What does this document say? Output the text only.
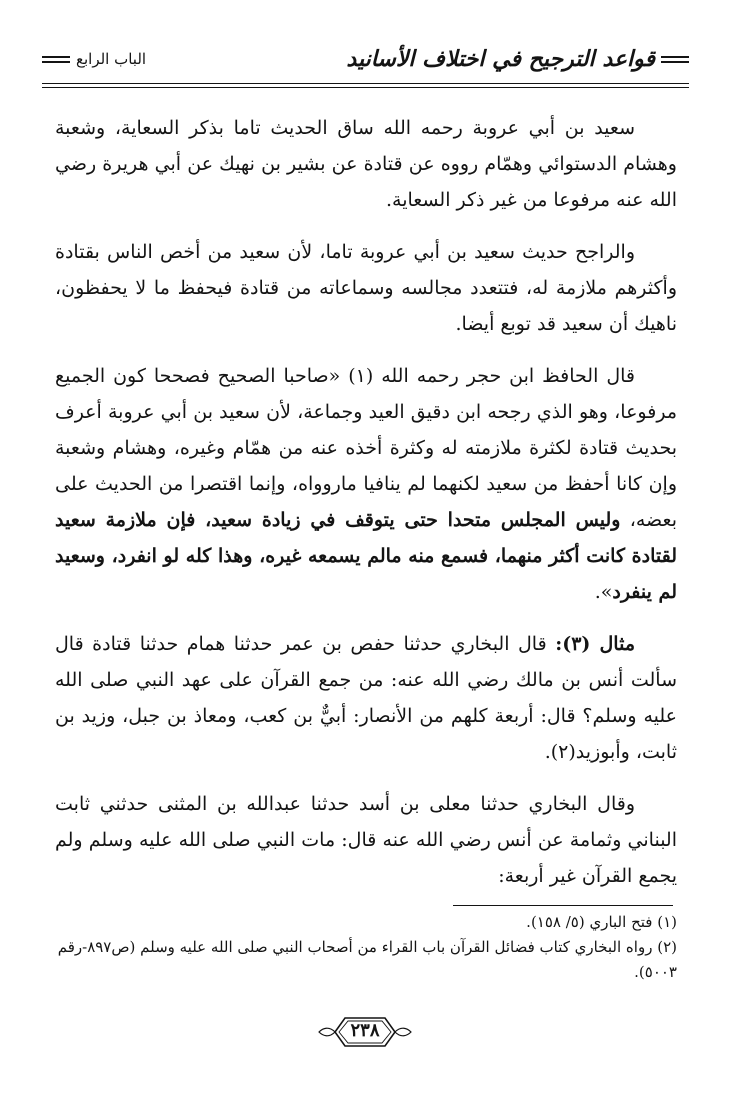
قواعد الترجيح في اختلاف الأسانيد
الباب الرابع

سعيد بن أبي عروبة رحمه الله ساق الحديث تاما بذكر السعاية، وشعبة وهشام الدستوائي وهمّام رووه عن قتادة عن بشير بن نهيك عن أبي هريرة رضي الله عنه مرفوعا من غير ذكر السعاية.

والراجح حديث سعيد بن أبي عروبة تاما، لأن سعيد من أخص الناس بقتادة وأكثرهم ملازمة له، فتتعدد مجالسه وسماعاته من قتادة فيحفظ ما لا يحفظون، ناهيك أن سعيد قد توبع أيضا.

قال الحافظ ابن حجر رحمه الله (١) «صاحبا الصحيح فصححا كون الجميع مرفوعا، وهو الذي رجحه ابن دقيق العيد وجماعة، لأن سعيد بن أبي عروبة أعرف بحديث قتادة لكثرة ملازمته له وكثرة أخذه عنه من همّام وغيره، وهشام وشعبة وإن كانا أحفظ من سعيد لكنهما لم ينافيا ماروواه، وإنما اقتصرا من الحديث على بعضه، وليس المجلس متحدا حتى يتوقف في زيادة سعيد، فإن ملازمة سعيد لقتادة كانت أكثر منهما، فسمع منه مالم يسمعه غيره، وهذا كله لو انفرد، وسعيد لم ينفرد».

مثال (٣): قال البخاري حدثنا حفص بن عمر حدثنا همام حدثنا قتادة قال سألت أنس بن مالك رضي الله عنه: من جمع القرآن على عهد النبي صلى الله عليه وسلم؟ قال: أربعة كلهم من الأنصار: أبيٌّ بن كعب، ومعاذ بن جبل، وزيد بن ثابت، وأبوزيد(٢).

وقال البخاري حدثنا معلى بن أسد حدثنا عبدالله بن المثنى حدثني ثابت البناني وثمامة عن أنس رضي الله عنه قال: مات النبي صلى الله عليه وسلم ولم يجمع القرآن غير أربعة:

(١) فتح الباري (٥/ ١٥٨).
(٢) رواه البخاري كتاب فضائل القرآن باب القراء من أصحاب النبي صلى الله عليه وسلم (ص٨٩٧-رقم ٥٠٠٣).
٢٣٨
